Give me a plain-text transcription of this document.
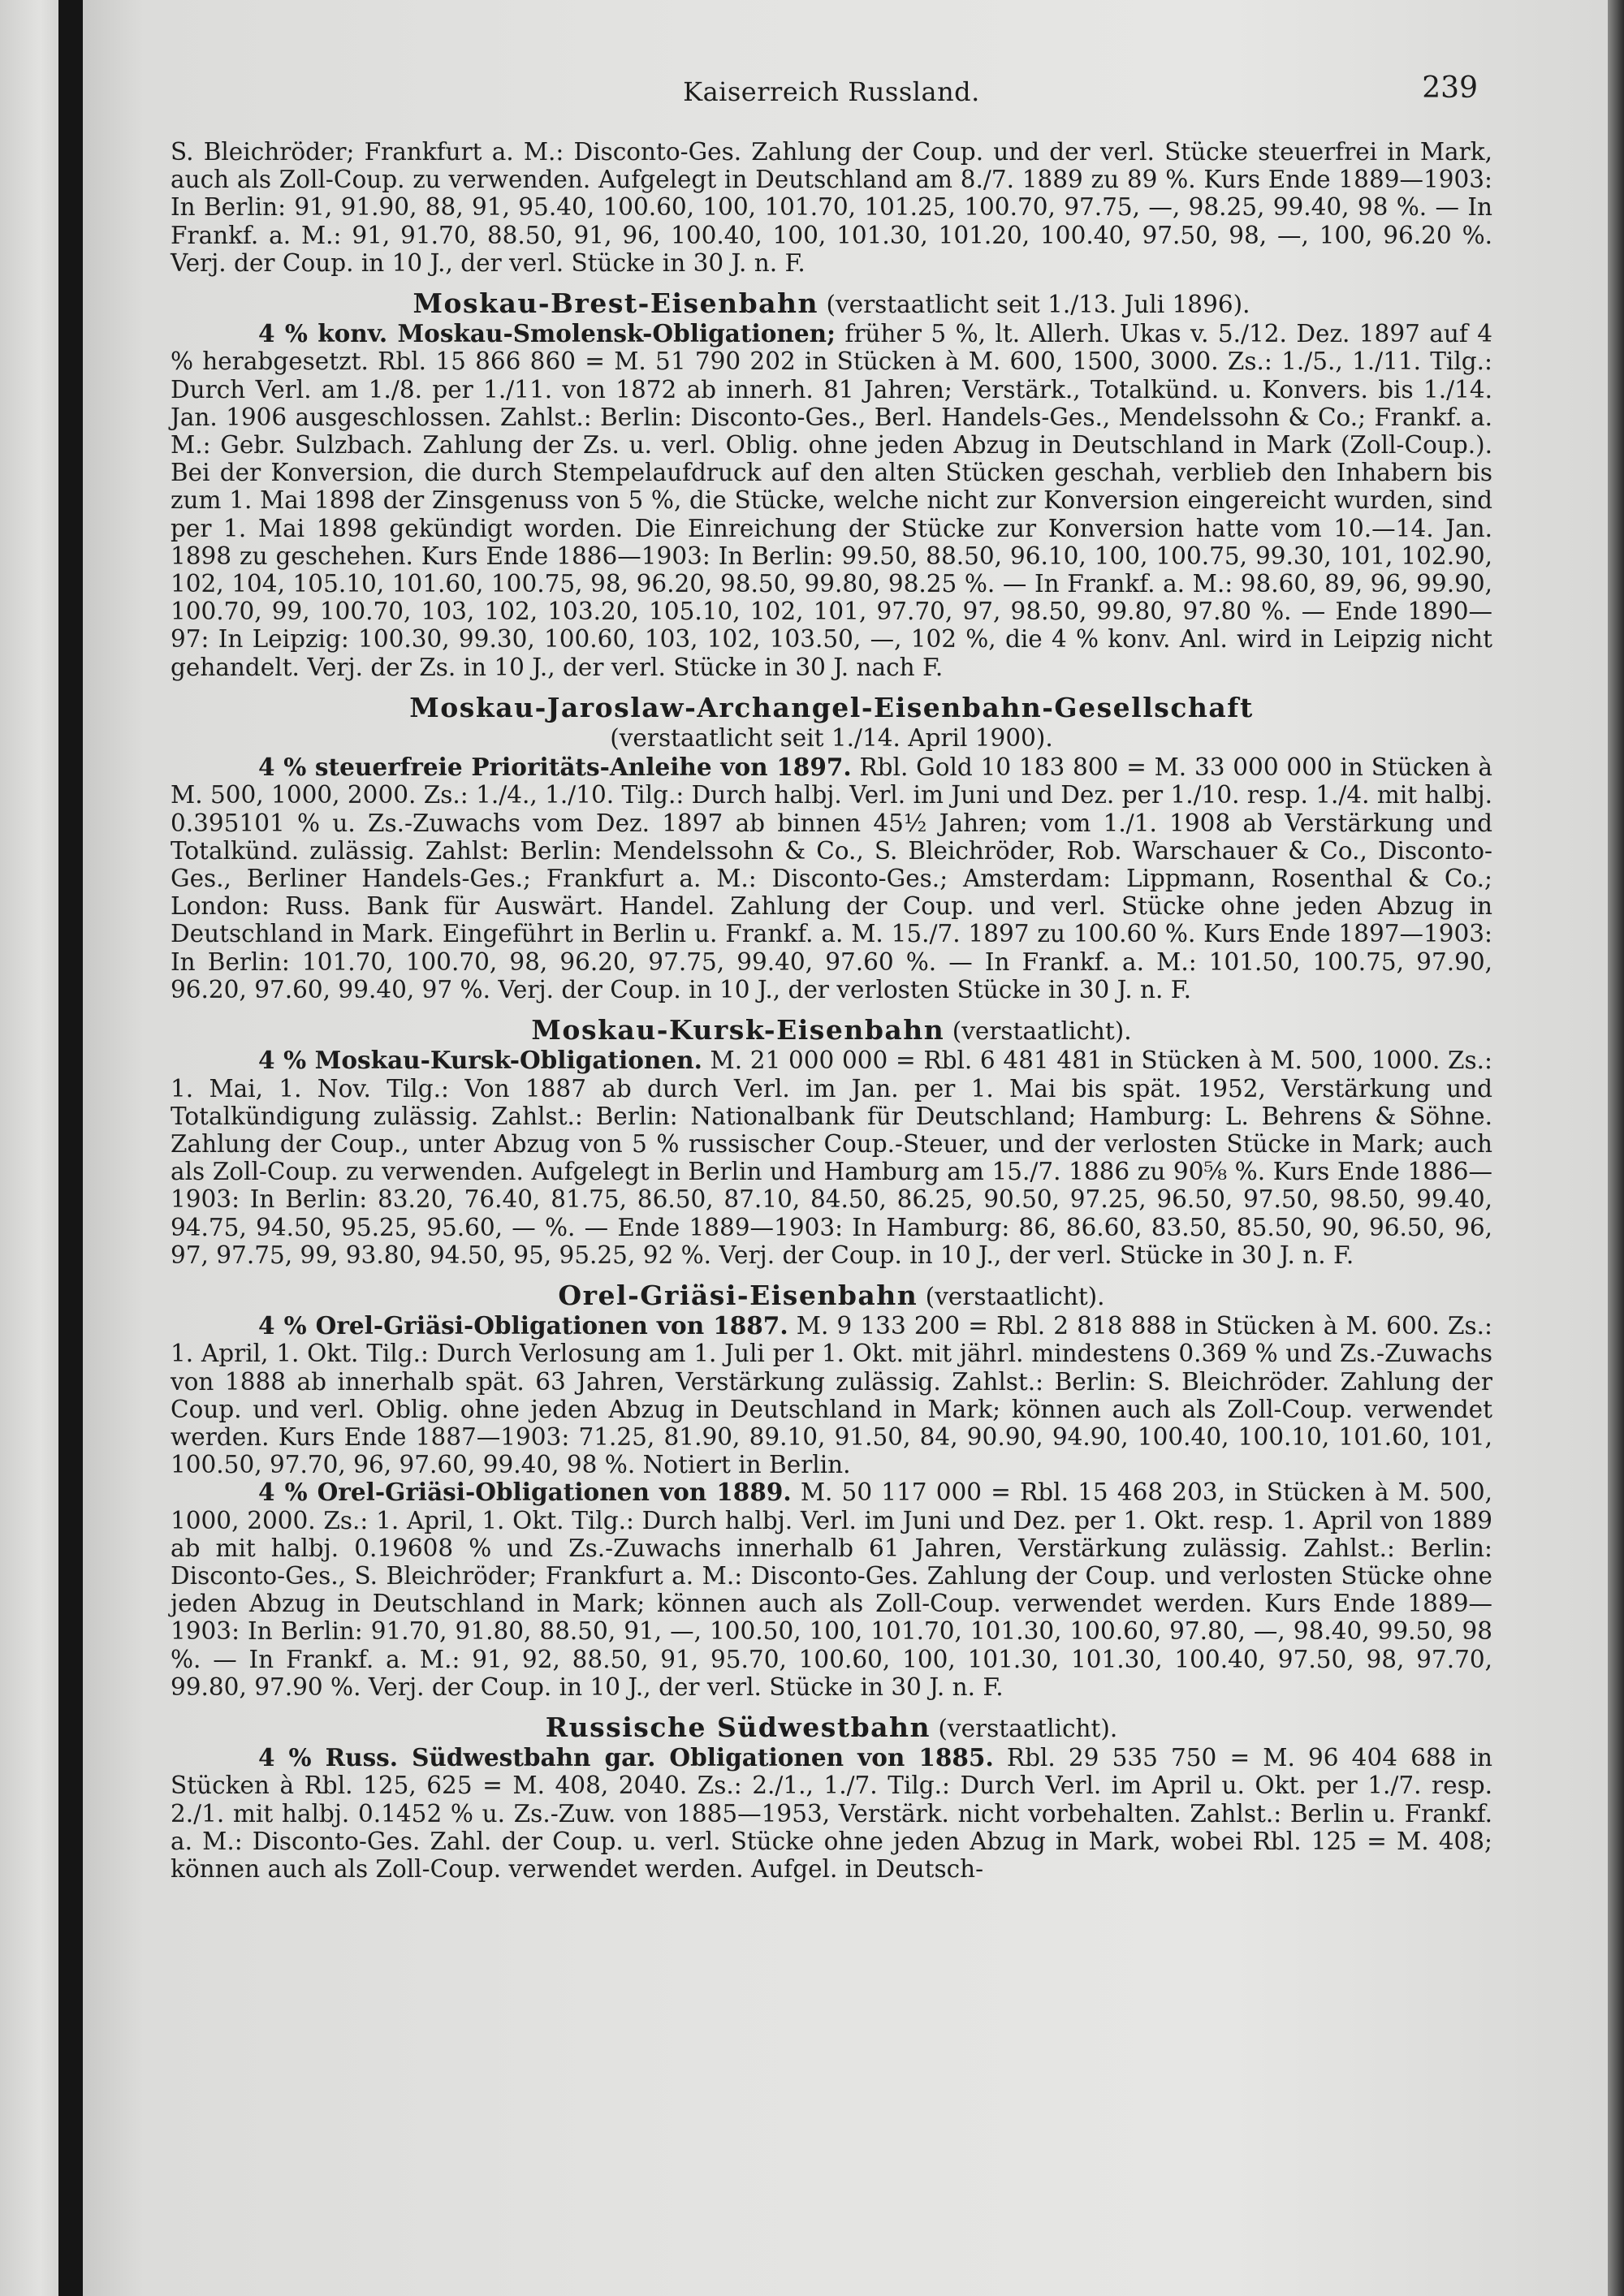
Kaiserreich Russland.	239

S. Bleichröder; Frankfurt a. M.: Disconto-Ges. Zahlung der Coup. und der verl. Stücke steuerfrei in Mark, auch als Zoll-Coup. zu verwenden. Aufgelegt in Deutschland am 8./7. 1889 zu 89 %. Kurs Ende 1889—1903: In Berlin: 91, 91.90, 88, 91, 95.40, 100.60, 100, 101.70, 101.25, 100.70, 97.75, —, 98.25, 99.40, 98 %. — In Frankf. a. M.: 91, 91.70, 88.50, 91, 96, 100.40, 100, 101.30, 101.20, 100.40, 97.50, 98, —, 100, 96.20 %. Verj. der Coup. in 10 J., der verl. Stücke in 30 J. n. F.

Moskau-Brest-Eisenbahn (verstaatlicht seit 1./13. Juli 1896).

4 % konv. Moskau-Smolensk-Obligationen; früher 5 %, lt. Allerh. Ukas v. 5./12. Dez. 1897 auf 4 % herabgesetzt. Rbl. 15 866 860 = M. 51 790 202 in Stücken à M. 600, 1500, 3000. Zs.: 1./5., 1./11. Tilg.: Durch Verl. am 1./8. per 1./11. von 1872 ab innerh. 81 Jahren; Verstärk., Totalkünd. u. Konvers. bis 1./14. Jan. 1906 ausgeschlossen. Zahlst.: Berlin: Disconto-Ges., Berl. Handels-Ges., Mendelssohn & Co.; Frankf. a. M.: Gebr. Sulzbach. Zahlung der Zs. u. verl. Oblig. ohne jeden Abzug in Deutschland in Mark (Zoll-Coup.). Bei der Konversion, die durch Stempelaufdruck auf den alten Stücken geschah, verblieb den Inhabern bis zum 1. Mai 1898 der Zinsgenuss von 5 %, die Stücke, welche nicht zur Konversion eingereicht wurden, sind per 1. Mai 1898 gekündigt worden. Die Einreichung der Stücke zur Konversion hatte vom 10.—14. Jan. 1898 zu geschehen. Kurs Ende 1886—1903: In Berlin: 99.50, 88.50, 96.10, 100, 100.75, 99.30, 101, 102.90, 102, 104, 105.10, 101.60, 100.75, 98, 96.20, 98.50, 99.80, 98.25 %. — In Frankf. a. M.: 98.60, 89, 96, 99.90, 100.70, 99, 100.70, 103, 102, 103.20, 105.10, 102, 101, 97.70, 97, 98.50, 99.80, 97.80 %. — Ende 1890—97: In Leipzig: 100.30, 99.30, 100.60, 103, 102, 103.50, —, 102 %, die 4 % konv. Anl. wird in Leipzig nicht gehandelt. Verj. der Zs. in 10 J., der verl. Stücke in 30 J. nach F.

Moskau-Jaroslaw-Archangel-Eisenbahn-Gesellschaft
(verstaatlicht seit 1./14. April 1900).

4 % steuerfreie Prioritäts-Anleihe von 1897. Rbl. Gold 10 183 800 = M. 33 000 000 in Stücken à M. 500, 1000, 2000. Zs.: 1./4., 1./10. Tilg.: Durch halbj. Verl. im Juni und Dez. per 1./10. resp. 1./4. mit halbj. 0.395101 % u. Zs.-Zuwachs vom Dez. 1897 ab binnen 45½ Jahren; vom 1./1. 1908 ab Verstärkung und Totalkünd. zulässig. Zahlst: Berlin: Mendelssohn & Co., S. Bleichröder, Rob. Warschauer & Co., Disconto-Ges., Berliner Handels-Ges.; Frankfurt a. M.: Disconto-Ges.; Amsterdam: Lippmann, Rosenthal & Co.; London: Russ. Bank für Auswärt. Handel. Zahlung der Coup. und verl. Stücke ohne jeden Abzug in Deutschland in Mark. Eingeführt in Berlin u. Frankf. a. M. 15./7. 1897 zu 100.60 %. Kurs Ende 1897—1903: In Berlin: 101.70, 100.70, 98, 96.20, 97.75, 99.40, 97.60 %. — In Frankf. a. M.: 101.50, 100.75, 97.90, 96.20, 97.60, 99.40, 97 %. Verj. der Coup. in 10 J., der verlosten Stücke in 30 J. n. F.

Moskau-Kursk-Eisenbahn (verstaatlicht).

4 % Moskau-Kursk-Obligationen. M. 21 000 000 = Rbl. 6 481 481 in Stücken à M. 500, 1000. Zs.: 1. Mai, 1. Nov. Tilg.: Von 1887 ab durch Verl. im Jan. per 1. Mai bis spät. 1952, Verstärkung und Totalkündigung zulässig. Zahlst.: Berlin: Nationalbank für Deutschland; Hamburg: L. Behrens & Söhne. Zahlung der Coup., unter Abzug von 5 % russischer Coup.-Steuer, und der verlosten Stücke in Mark; auch als Zoll-Coup. zu verwenden. Aufgelegt in Berlin und Hamburg am 15./7. 1886 zu 90⅝ %. Kurs Ende 1886—1903: In Berlin: 83.20, 76.40, 81.75, 86.50, 87.10, 84.50, 86.25, 90.50, 97.25, 96.50, 97.50, 98.50, 99.40, 94.75, 94.50, 95.25, 95.60, — %. — Ende 1889—1903: In Hamburg: 86, 86.60, 83.50, 85.50, 90, 96.50, 96, 97, 97.75, 99, 93.80, 94.50, 95, 95.25, 92 %. Verj. der Coup. in 10 J., der verl. Stücke in 30 J. n. F.

Orel-Griäsi-Eisenbahn (verstaatlicht).

4 % Orel-Griäsi-Obligationen von 1887. M. 9 133 200 = Rbl. 2 818 888 in Stücken à M. 600. Zs.: 1. April, 1. Okt. Tilg.: Durch Verlosung am 1. Juli per 1. Okt. mit jährl. mindestens 0.369 % und Zs.-Zuwachs von 1888 ab innerhalb spät. 63 Jahren, Verstärkung zulässig. Zahlst.: Berlin: S. Bleichröder. Zahlung der Coup. und verl. Oblig. ohne jeden Abzug in Deutschland in Mark; können auch als Zoll-Coup. verwendet werden. Kurs Ende 1887—1903: 71.25, 81.90, 89.10, 91.50, 84, 90.90, 94.90, 100.40, 100.10, 101.60, 101, 100.50, 97.70, 96, 97.60, 99.40, 98 %. Notiert in Berlin.

4 % Orel-Griäsi-Obligationen von 1889. M. 50 117 000 = Rbl. 15 468 203, in Stücken à M. 500, 1000, 2000. Zs.: 1. April, 1. Okt. Tilg.: Durch halbj. Verl. im Juni und Dez. per 1. Okt. resp. 1. April von 1889 ab mit halbj. 0.19608 % und Zs.-Zuwachs innerhalb 61 Jahren, Verstärkung zulässig. Zahlst.: Berlin: Disconto-Ges., S. Bleichröder; Frankfurt a. M.: Disconto-Ges. Zahlung der Coup. und verlosten Stücke ohne jeden Abzug in Deutschland in Mark; können auch als Zoll-Coup. verwendet werden. Kurs Ende 1889—1903: In Berlin: 91.70, 91.80, 88.50, 91, —, 100.50, 100, 101.70, 101.30, 100.60, 97.80, —, 98.40, 99.50, 98 %. — In Frankf. a. M.: 91, 92, 88.50, 91, 95.70, 100.60, 100, 101.30, 101.30, 100.40, 97.50, 98, 97.70, 99.80, 97.90 %. Verj. der Coup. in 10 J., der verl. Stücke in 30 J. n. F.

Russische Südwestbahn (verstaatlicht).

4 % Russ. Südwestbahn gar. Obligationen von 1885. Rbl. 29 535 750 = M. 96 404 688 in Stücken à Rbl. 125, 625 = M. 408, 2040. Zs.: 2./1., 1./7. Tilg.: Durch Verl. im April u. Okt. per 1./7. resp. 2./1. mit halbj. 0.1452 % u. Zs.-Zuw. von 1885—1953, Verstärk. nicht vorbehalten. Zahlst.: Berlin u. Frankf. a. M.: Disconto-Ges. Zahl. der Coup. u. verl. Stücke ohne jeden Abzug in Mark, wobei Rbl. 125 = M. 408; können auch als Zoll-Coup. verwendet werden. Aufgel. in Deutsch-
